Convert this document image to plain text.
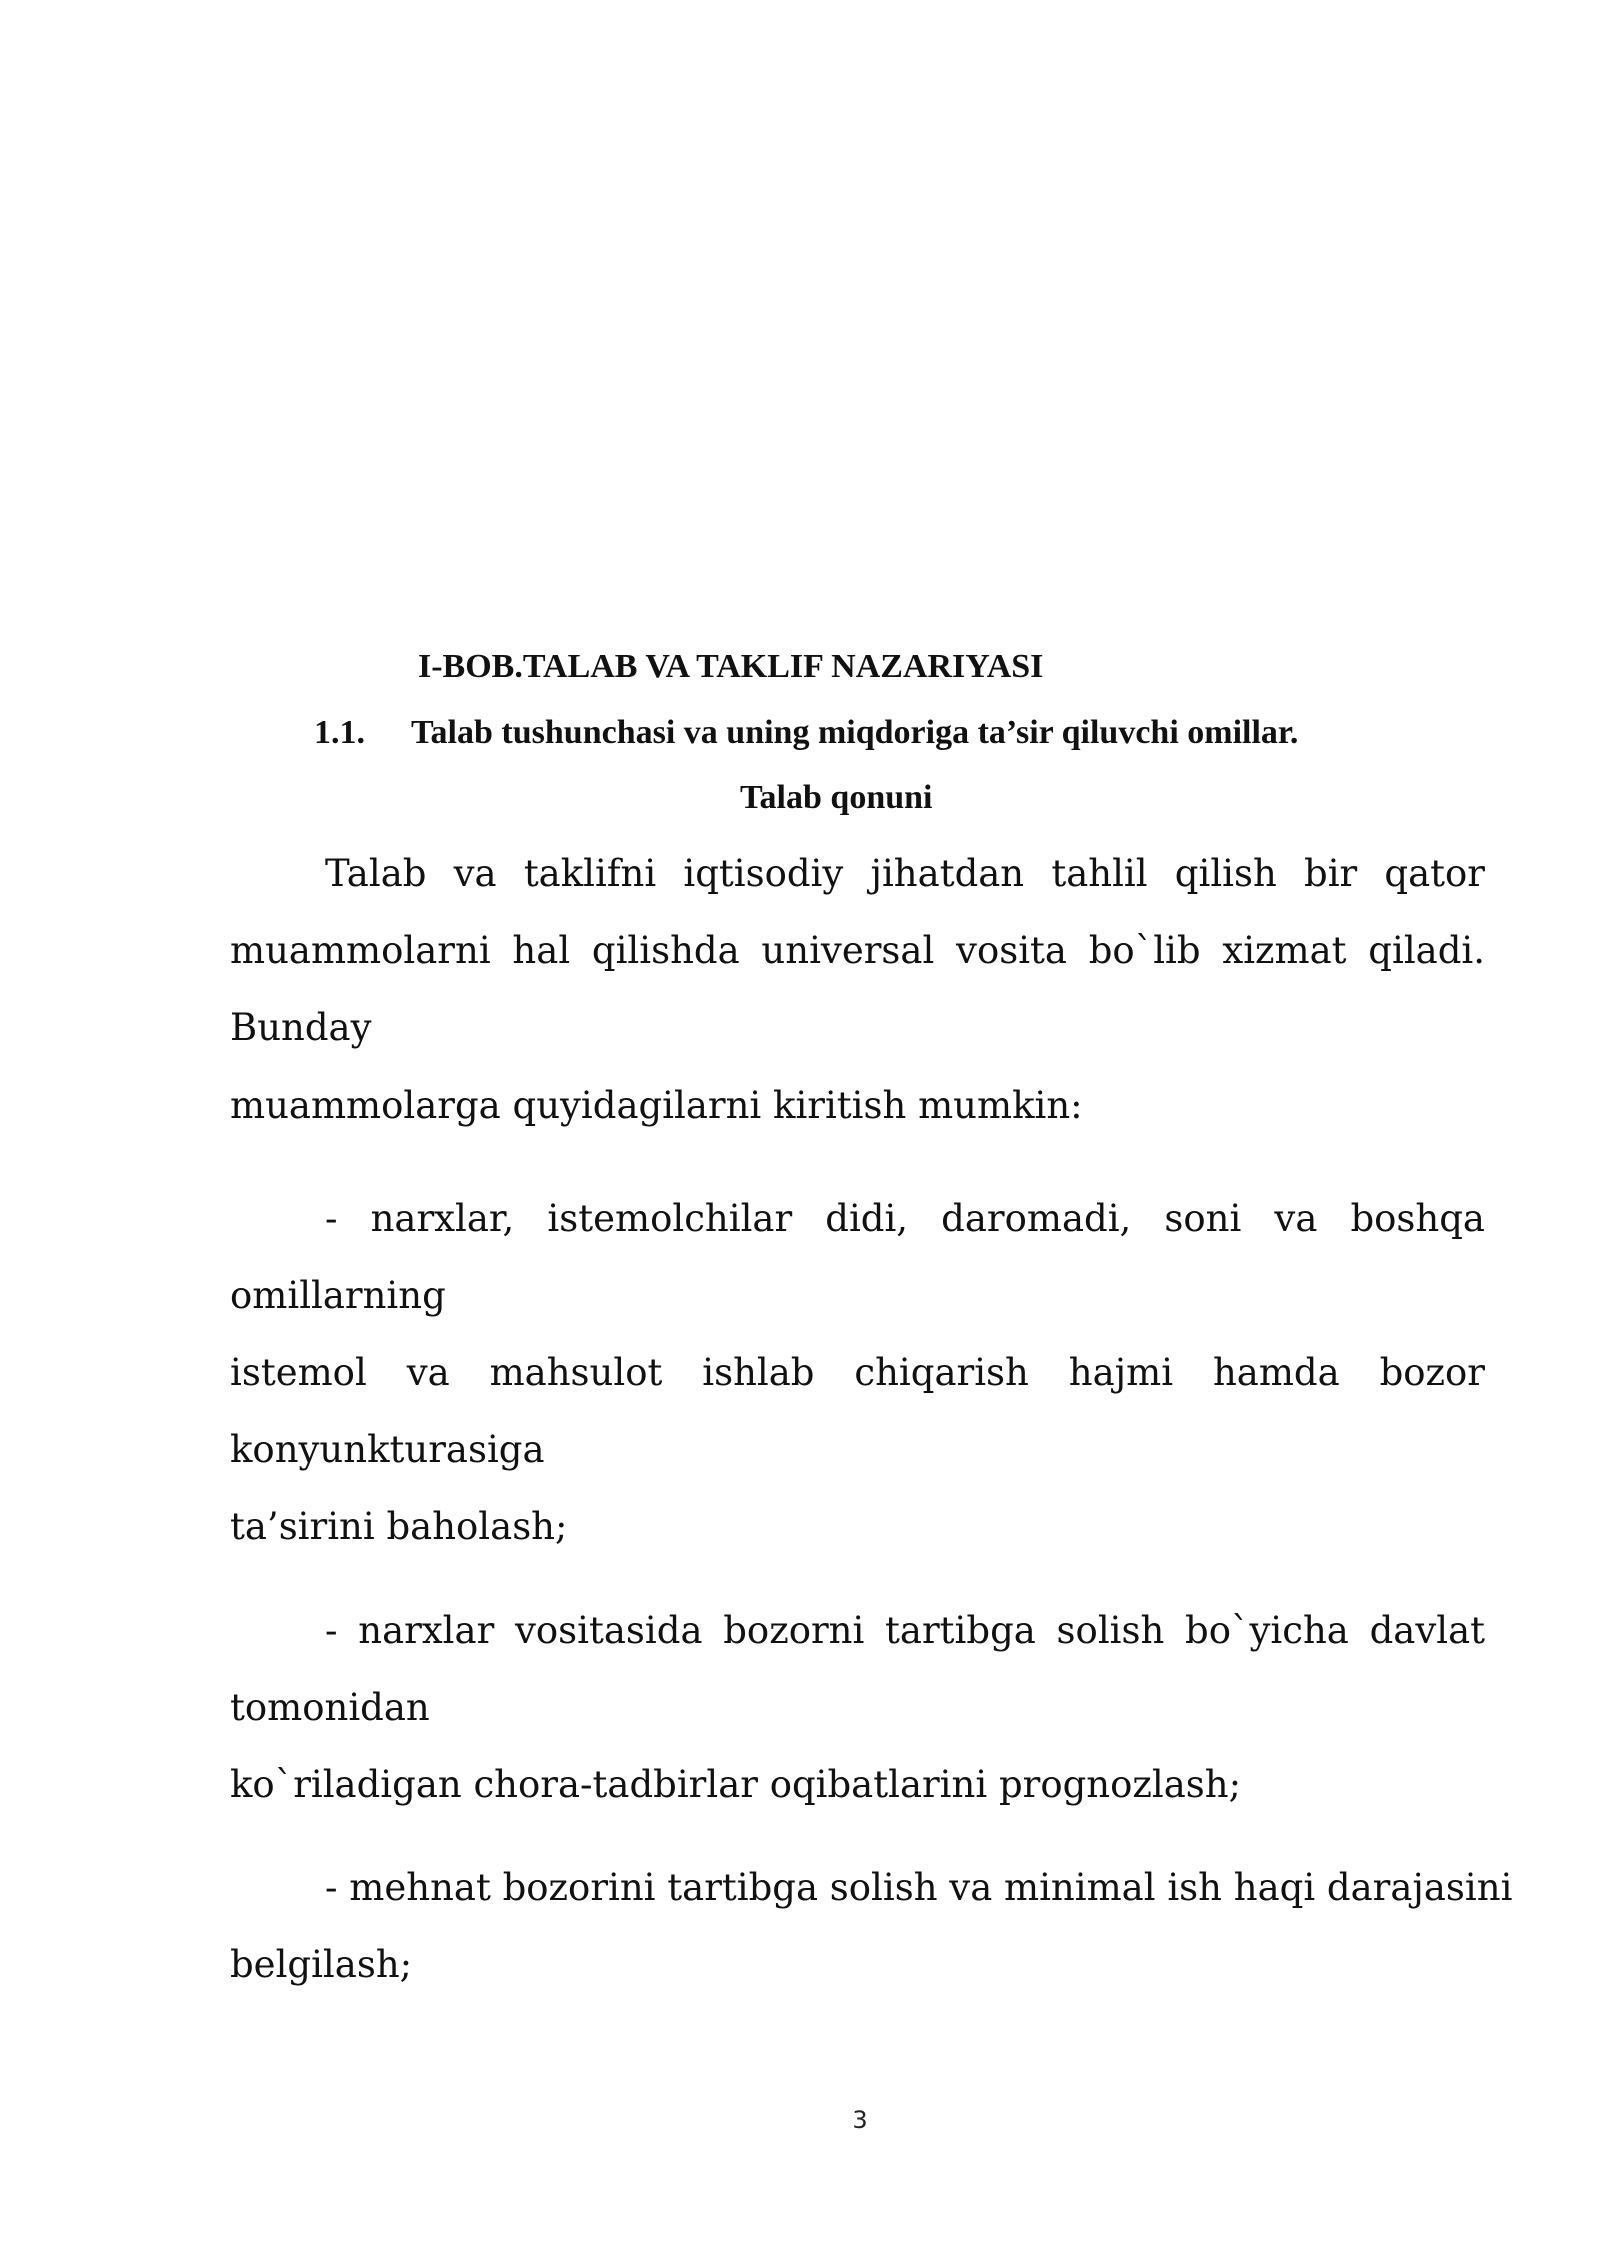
I-BOB.TALAB VA TAKLIF NAZARIYASI
1.1. Talab tushunchasi va uning miqdoriga ta’sir qiluvchi omillar.
Talab qonuni
Talab va taklifni iqtisodiy jihatdan tahlil qilish bir qator
muammolarni hal qilishda universal vosita bo`lib xizmat qiladi.
Bunday
muammolarga quyidagilarni kiritish mumkin:
- narxlar, istemolchilar didi, daromadi, soni va boshqa
omillarning
istemol va mahsulot ishlab chiqarish hajmi hamda bozor
konyunkturasiga
ta’sirini baholash;
- narxlar vositasida bozorni tartibga solish bo`yicha davlat
tomonidan
ko`riladigan chora-tadbirlar oqibatlarini prognozlash;
- mehnat bozorini tartibga solish va minimal ish haqi darajasini
belgilash;
3
